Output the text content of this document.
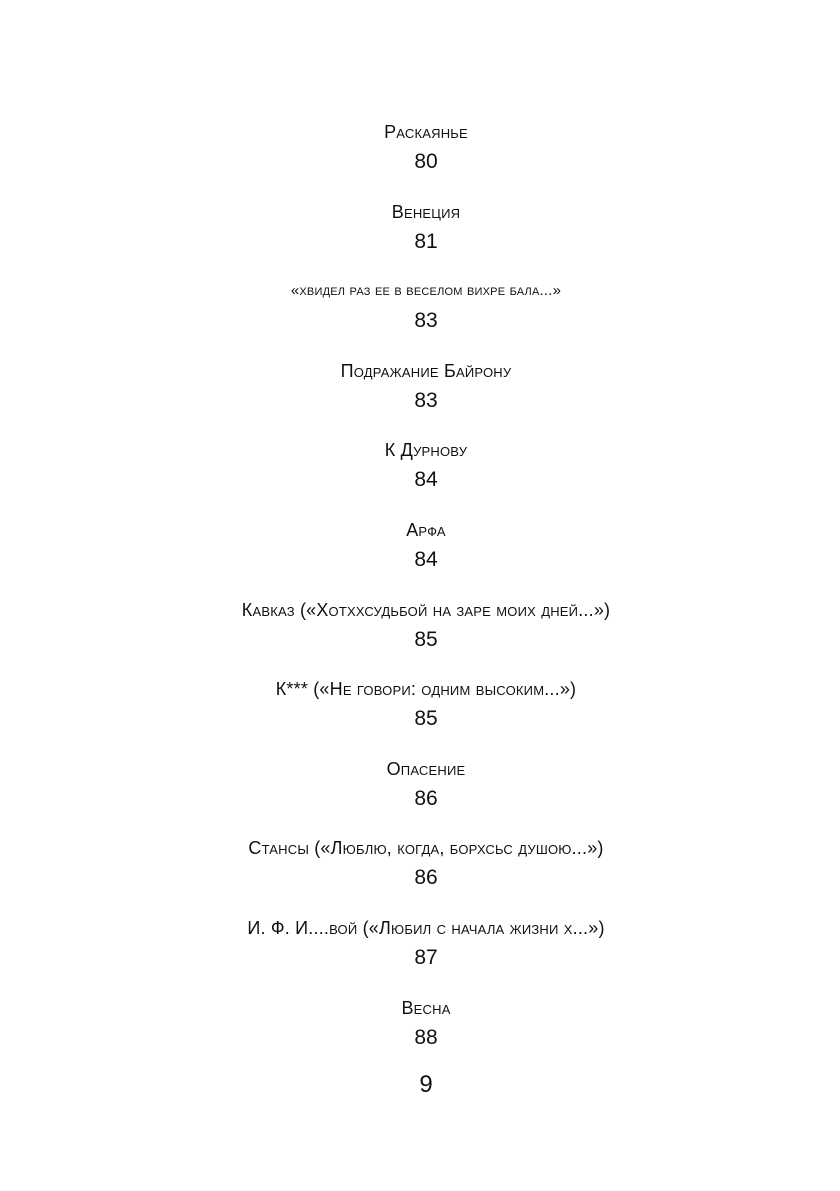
Раскаянье

80

Венеция

81

«хвидел раз ее в веселом вихре бала...»

83

Подражание Байрону

83

К Дурнову

84

Арфа

84

Кавказ («Хотххсудьбой на заре моих дней...»)

85

К*** («Не говори: одним высоким...»)

85

Опасение

86

Стансы («Люблю, когда, борхсьс душою...»)

86

И. Ф. И....вой («Любил с начала жизни х...»)

87

Весна

88

9
